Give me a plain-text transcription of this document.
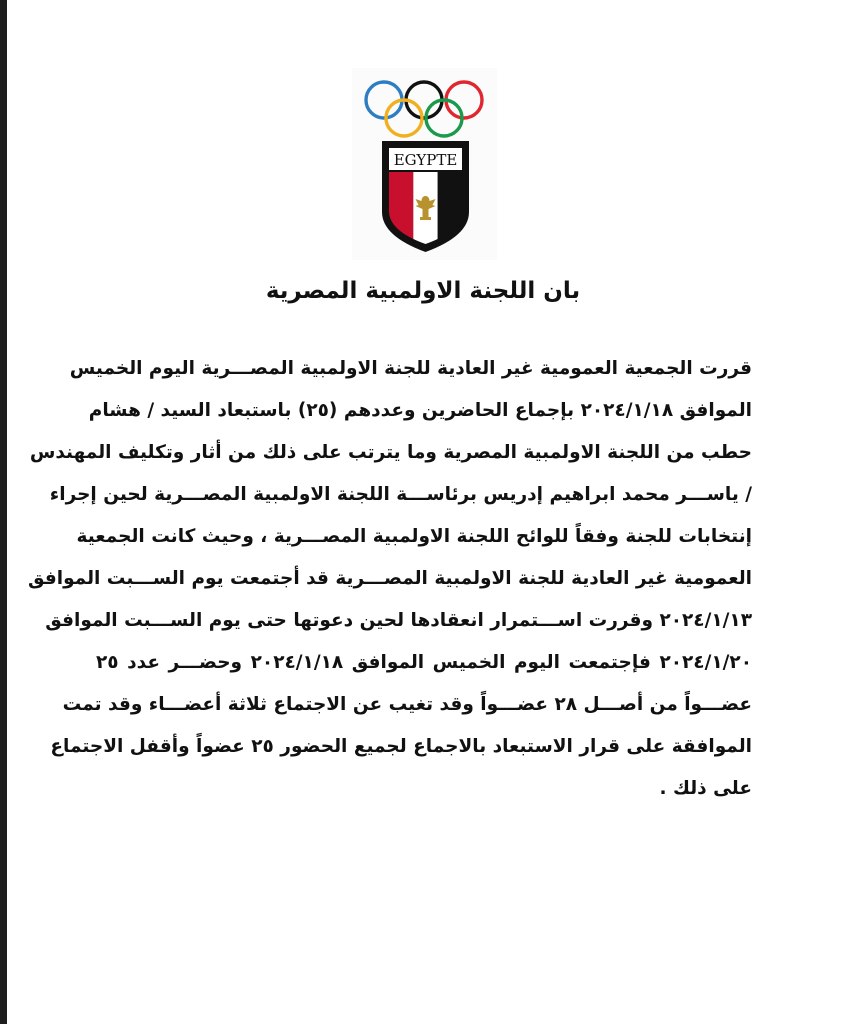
EGYPTE
بان اللجنة الاولمبية المصرية
قررت الجمعية العمومية غير العادية للجنة الاولمبية المصـــرية اليوم الخميس
الموافق ٢٠٢٤/١/١٨ بإجماع الحاضرين وعددهم (٢٥) باستبعاد السيد / هشام
حطب من اللجنة الاولمبية المصرية وما يترتب على ذلك من أثار وتكليف المهندس
/ ياســـر محمد ابراهيم إدريس برئاســـة اللجنة الاولمبية المصـــرية لحين إجراء
إنتخابات للجنة وفقاً للوائح اللجنة الاولمبية المصـــرية ، وحيث كانت الجمعية
العمومية غير العادية للجنة الاولمبية المصـــرية قد أجتمعت يوم الســـبت الموافق
٢٠٢٤/١/١٣ وقررت اســـتمرار انعقادها لحين دعوتها حتى يوم الســـبت الموافق
٢٠٢٤/١/٢٠ فإجتمعت اليوم الخميس الموافق ٢٠٢٤/١/١٨ وحضـــر عدد ٢٥
عضـــواً من أصـــل ٢٨ عضـــواً وقد تغيب عن الاجتماع ثلاثة أعضـــاء وقد تمت
الموافقة على قرار الاستبعاد بالاجماع لجميع الحضور ٢٥ عضواً وأقفل الاجتماع
على ذلك .
